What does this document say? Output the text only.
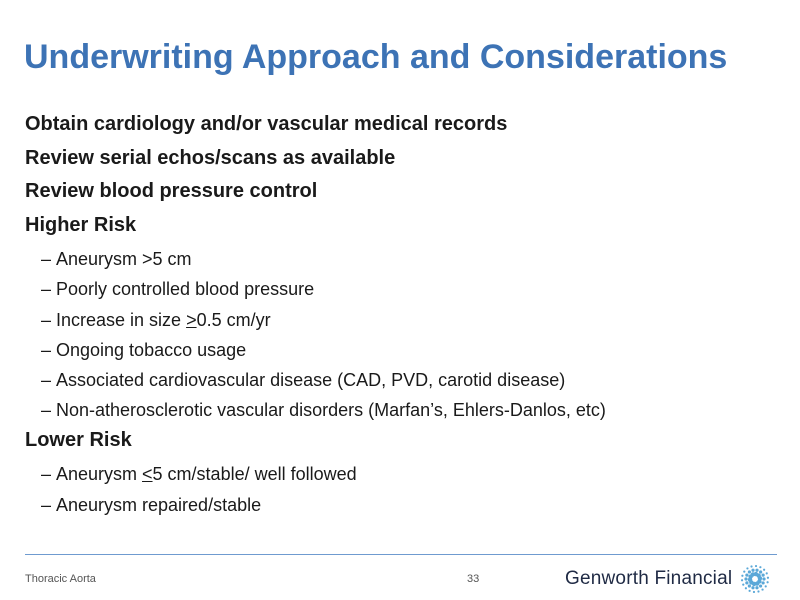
Underwriting Approach and Considerations
Obtain cardiology and/or vascular medical records
Review serial echos/scans as available
Review blood pressure control
Higher Risk
– Aneurysm >5 cm
– Poorly controlled blood pressure
– Increase in size >0.5 cm/yr
– Ongoing tobacco usage
– Associated cardiovascular disease (CAD, PVD, carotid disease)
– Non-atherosclerotic vascular disorders (Marfan’s, Ehlers-Danlos, etc)
Lower Risk
– Aneurysm <5 cm/stable/ well followed
– Aneurysm repaired/stable
Thoracic Aorta	33	Genworth Financial
